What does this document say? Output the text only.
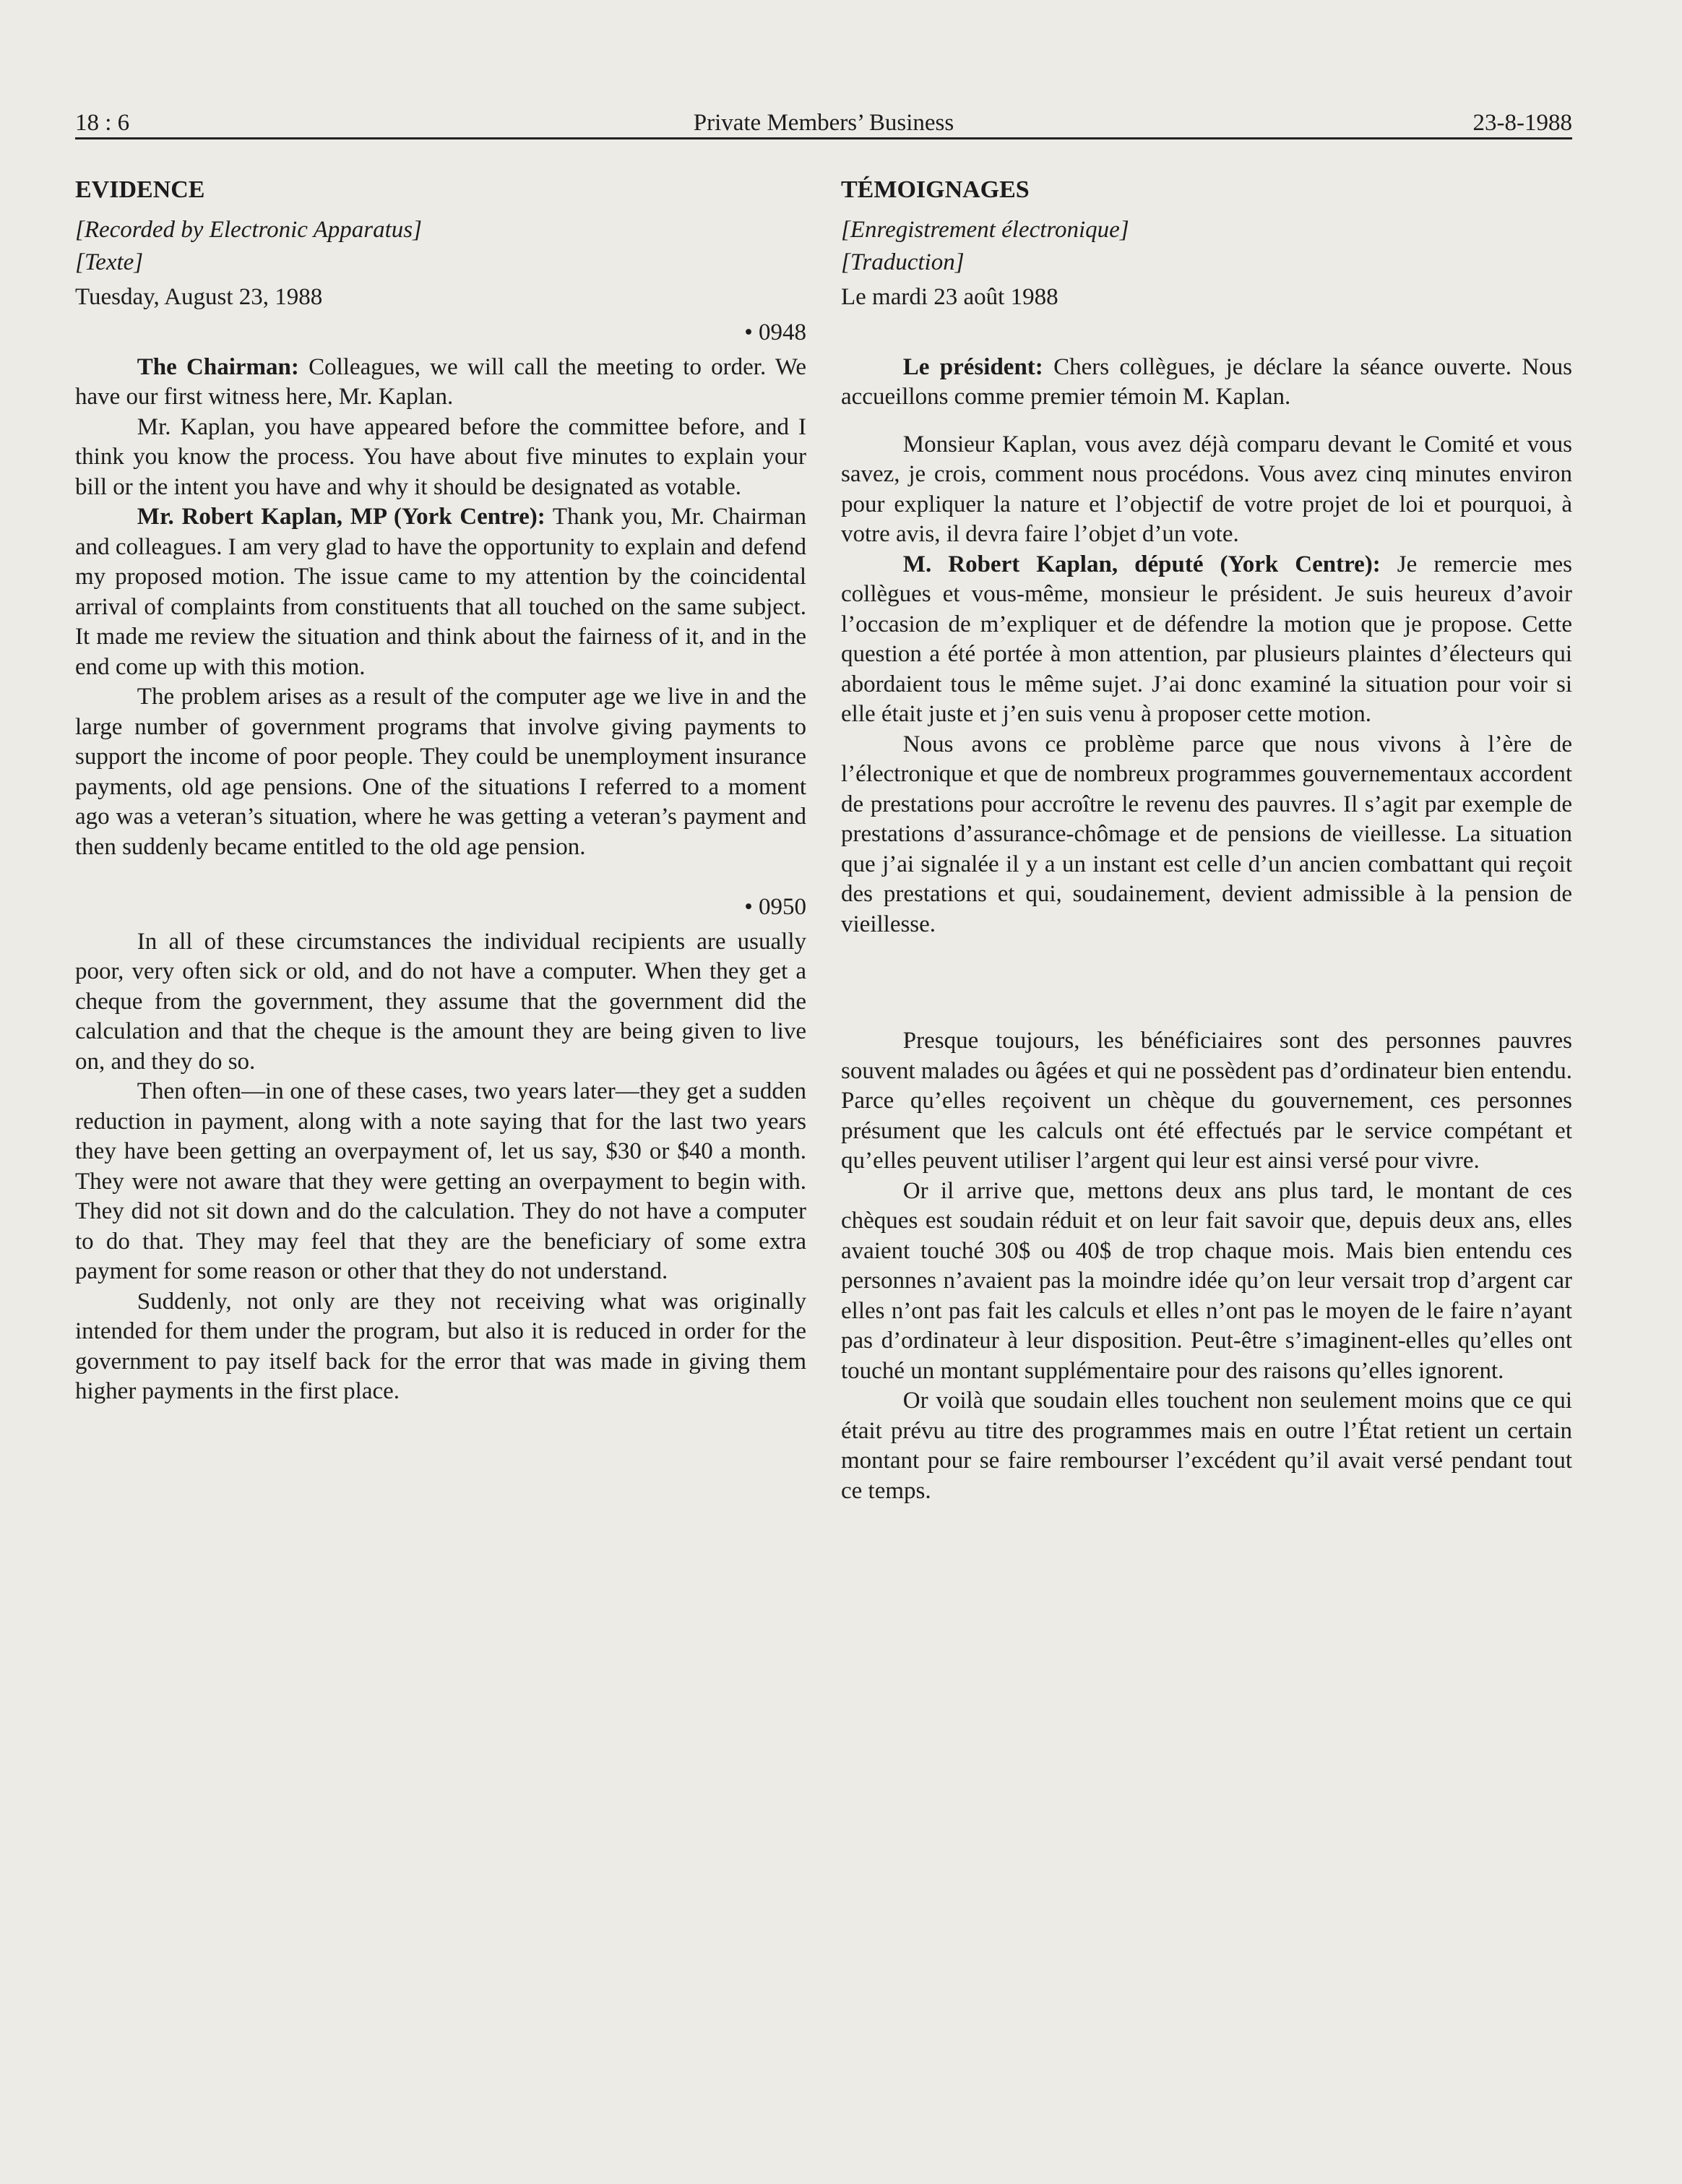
18 : 6	Private Members’ Business	23-8-1988
EVIDENCE
[Recorded by Electronic Apparatus]
[Texte]
Tuesday, August 23, 1988
• 0948

The Chairman: Colleagues, we will call the meeting to order. We have our first witness here, Mr. Kaplan.

Mr. Kaplan, you have appeared before the committee before, and I think you know the process. You have about five minutes to explain your bill or the intent you have and why it should be designated as votable.

Mr. Robert Kaplan, MP (York Centre): Thank you, Mr. Chairman and colleagues. I am very glad to have the opportunity to explain and defend my proposed motion. The issue came to my attention by the coincidental arrival of complaints from constituents that all touched on the same subject. It made me review the situation and think about the fairness of it, and in the end come up with this motion.

The problem arises as a result of the computer age we live in and the large number of government programs that involve giving payments to support the income of poor people. They could be unemployment insurance payments, old age pensions. One of the situations I referred to a moment ago was a veteran’s situation, where he was getting a veteran’s payment and then suddenly became entitled to the old age pension.

• 0950

In all of these circumstances the individual recipients are usually poor, very often sick or old, and do not have a computer. When they get a cheque from the government, they assume that the government did the calculation and that the cheque is the amount they are being given to live on, and they do so.

Then often—in one of these cases, two years later—they get a sudden reduction in payment, along with a note saying that for the last two years they have been getting an overpayment of, let us say, $30 or $40 a month. They were not aware that they were getting an overpayment to begin with. They did not sit down and do the calculation. They do not have a computer to do that. They may feel that they are the beneficiary of some extra payment for some reason or other that they do not understand.

Suddenly, not only are they not receiving what was originally intended for them under the program, but also it is reduced in order for the government to pay itself back for the error that was made in giving them higher payments in the first place.

TÉMOIGNAGES
[Enregistrement électronique]
[Traduction]
Le mardi 23 août 1988

Le président: Chers collègues, je déclare la séance ouverte. Nous accueillons comme premier témoin M. Kaplan.

Monsieur Kaplan, vous avez déjà comparu devant le Comité et vous savez, je crois, comment nous procédons. Vous avez cinq minutes environ pour expliquer la nature et l’objectif de votre projet de loi et pourquoi, à votre avis, il devra faire l’objet d’un vote.

M. Robert Kaplan, député (York Centre): Je remercie mes collègues et vous-même, monsieur le président. Je suis heureux d’avoir l’occasion de m’expliquer et de défendre la motion que je propose. Cette question a été portée à mon attention, par plusieurs plaintes d’électeurs qui abordaient tous le même sujet. J’ai donc examiné la situation pour voir si elle était juste et j’en suis venu à proposer cette motion.

Nous avons ce problème parce que nous vivons à l’ère de l’électronique et que de nombreux programmes gouvernementaux accordent de prestations pour accroître le revenu des pauvres. Il s’agit par exemple de prestations d’assurance-chômage et de pensions de vieillesse. La situation que j’ai signalée il y a un instant est celle d’un ancien combattant qui reçoit des prestations et qui, soudainement, devient admissible à la pension de vieillesse.

Presque toujours, les bénéficiaires sont des personnes pauvres souvent malades ou âgées et qui ne possèdent pas d’ordinateur bien entendu. Parce qu’elles reçoivent un chèque du gouvernement, ces personnes présument que les calculs ont été effectués par le service compétant et qu’elles peuvent utiliser l’argent qui leur est ainsi versé pour vivre.

Or il arrive que, mettons deux ans plus tard, le montant de ces chèques est soudain réduit et on leur fait savoir que, depuis deux ans, elles avaient touché 30$ ou 40$ de trop chaque mois. Mais bien entendu ces personnes n’avaient pas la moindre idée qu’on leur versait trop d’argent car elles n’ont pas fait les calculs et elles n’ont pas le moyen de le faire n’ayant pas d’ordinateur à leur disposition. Peut-être s’imaginent-elles qu’elles ont touché un montant supplémentaire pour des raisons qu’elles ignorent.

Or voilà que soudain elles touchent non seulement moins que ce qui était prévu au titre des programmes mais en outre l’État retient un certain montant pour se faire rembourser l’excédent qu’il avait versé pendant tout ce temps.
